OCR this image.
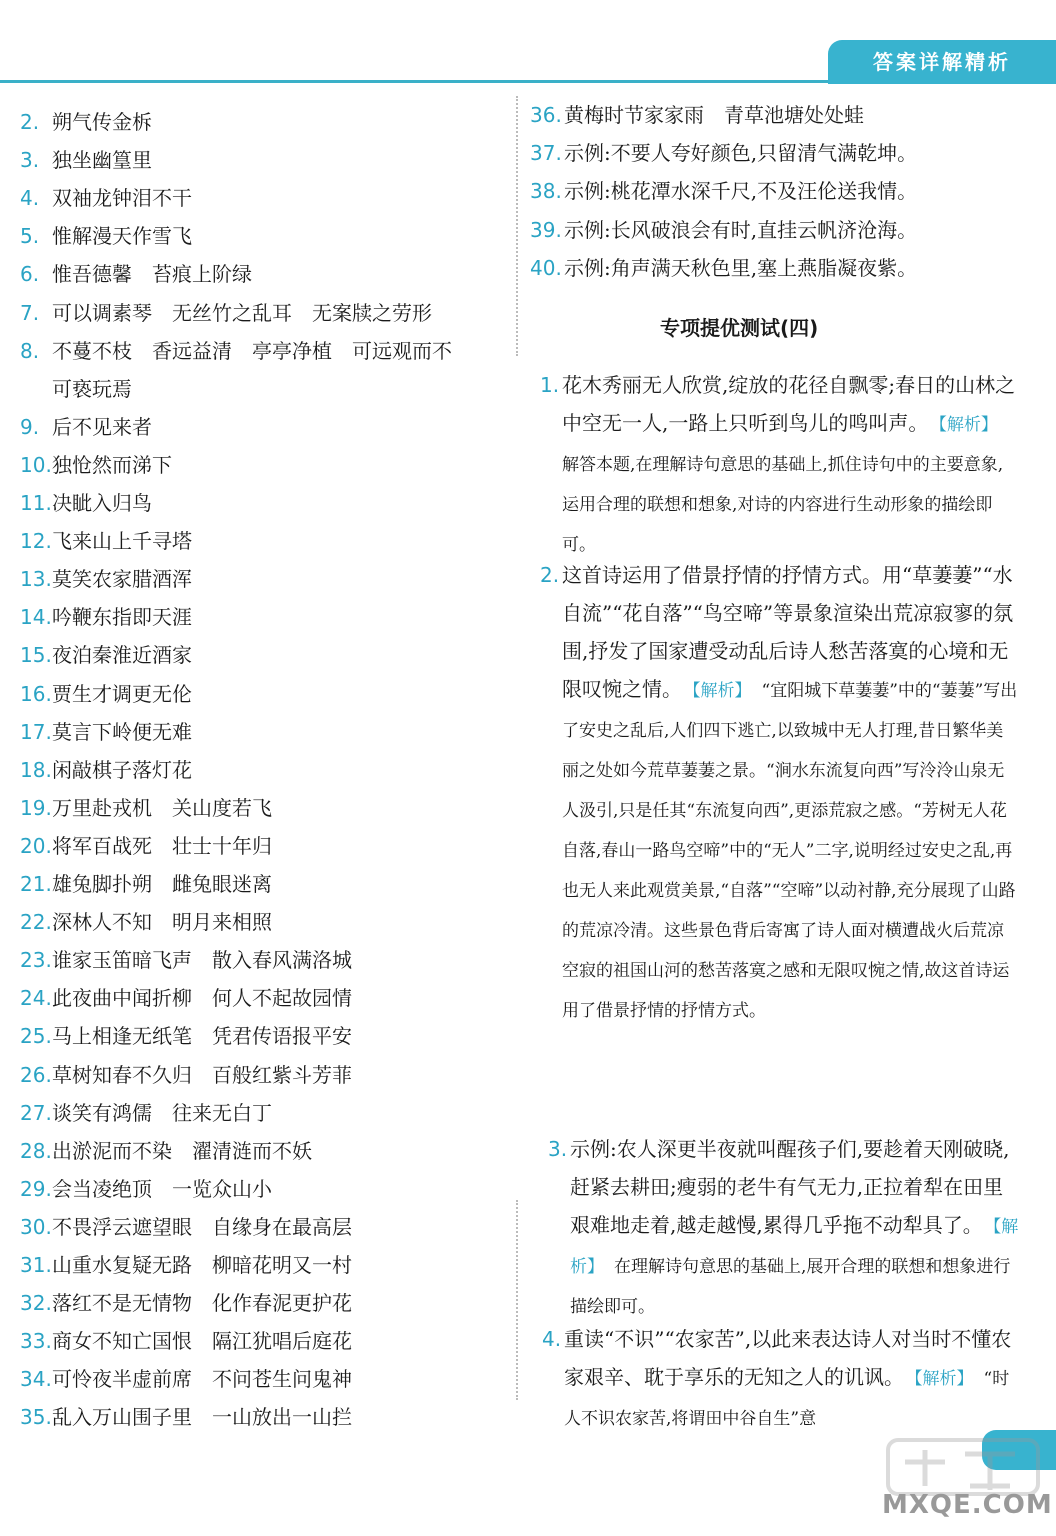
答案详解精析
2. 朔气传金柝
3. 独坐幽篁里
4. 双袖龙钟泪不干
5. 惟解漫天作雪飞
6. 惟吾德馨 苔痕上阶绿
7. 可以调素琴 无丝竹之乱耳　无案牍之劳形
8. 不蔓不枝 香远益清　亭亭净植　可远观而不
可亵玩焉
9. 后不见来者
10.独怆然而涕下
11.决眦入归鸟
12.飞来山上千寻塔
13.莫笑农家腊酒浑
14.吟鞭东指即天涯
15.夜泊秦淮近酒家
16.贾生才调更无伦
17.莫言下岭便无难
18.闲敲棋子落灯花
19.万里赴戎机 关山度若飞
20.将军百战死 壮士十年归
21.雄兔脚扑朔 雌兔眼迷离
22.深林人不知 明月来相照
23.谁家玉笛暗飞声 散入春风满洛城
24.此夜曲中闻折柳 何人不起故园情
25.马上相逢无纸笔 凭君传语报平安
26.草树知春不久归 百般红紫斗芳菲
27.谈笑有鸿儒 往来无白丁
28.出淤泥而不染 濯清涟而不妖
29.会当凌绝顶 一览众山小
30.不畏浮云遮望眼 自缘身在最高层
31.山重水复疑无路 柳暗花明又一村
32.落红不是无情物 化作春泥更护花
33.商女不知亡国恨 隔江犹唱后庭花
34.可怜夜半虚前席 不问苍生问鬼神
35.乱入万山围子里 一山放出一山拦
36. 黄梅时节家家雨 青草池塘处处蛙
37. 示例:不要人夸好颜色,只留清气满乾坤。
38. 示例:桃花潭水深千尺,不及汪伦送我情。
39. 示例:长风破浪会有时,直挂云帆济沧海。
40. 示例:角声满天秋色里,塞上燕脂凝夜紫。
专项提优测试(四)
1. 花木秀丽无人欣赏,绽放的花径自飘零;春日的山林之中空无一人,一路上只听到鸟儿的鸣叫声。 【解析】解答本题,在理解诗句意思的基础上,抓住诗句中的主要意象,运用合理的联想和想象,对诗的内容进行生动形象的描绘即可。
2. 这首诗运用了借景抒情的抒情方式。用“草萋萋”“水自流”“花自落”“鸟空啼”等景象渲染出荒凉寂寥的氛围,抒发了国家遭受动乱后诗人愁苦落寞的心境和无限叹惋之情。 【解析】 “宜阳城下草萋萋”中的“萋萋”写出了安史之乱后,人们四下逃亡,以致城中无人打理,昔日繁华美丽之处如今荒草萋萋之景。“涧水东流复向西”写泠泠山泉无人汲引,只是任其“东流复向西”,更添荒寂之感。“芳树无人花自落,春山一路鸟空啼”中的“无人”二字,说明经过安史之乱,再也无人来此观赏美景,“自落”“空啼”以动衬静,充分展现了山路的荒凉冷清。这些景色背后寄寓了诗人面对横遭战火后荒凉空寂的祖国山河的愁苦落寞之感和无限叹惋之情,故这首诗运用了借景抒情的抒情方式。
3. 示例:农人深更半夜就叫醒孩子们,要趁着天刚破晓,赶紧去耕田;瘦弱的老牛有气无力,正拉着犁在田里艰难地走着,越走越慢,累得几乎拖不动犁具了。 【解析】 在理解诗句意思的基础上,展开合理的联想和想象进行描绘即可。
4. 重读“不识”“农家苦”,以此来表达诗人对当时不懂农家艰辛、耽于享乐的无知之人的讥讽。 【解析】 “时人不识农家苦,将谓田中谷自生”意
MXQE.COM
